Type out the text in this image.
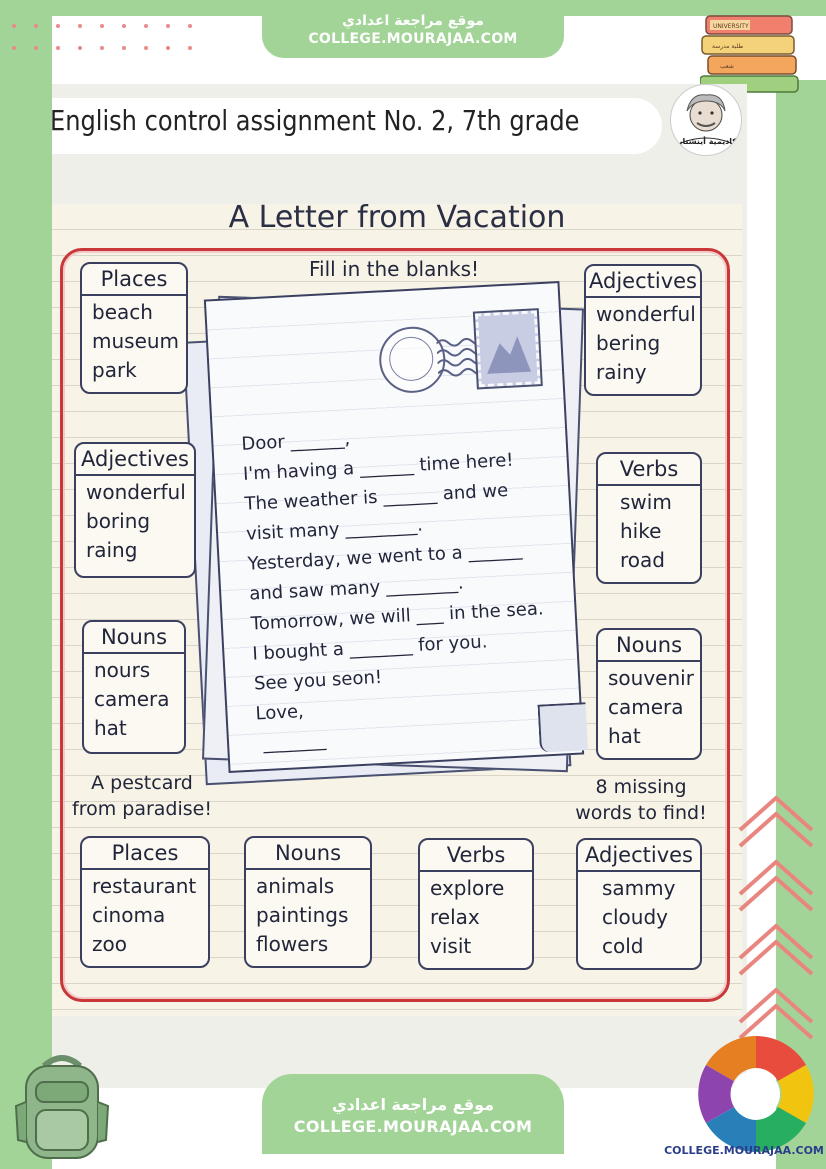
موقع مراجعة اعدادي
COLLEGE.MOURAJAA.COM
UNIVERSITY
طلبة مدرسة
شعب
English control assignment No. 2, 7th grade
أكاديمية أينشتاين
A Letter from Vacation
Fill in the blanks!
Door ______,
I'm having a ______ time here!
The weather is ______ and we
visit many ________.
Yesterday, we went to a ______
and saw many ________.
Tomorrow, we will ___ in the sea.
I bought a _______ for you.
See you seon!
Love,
_______
Places
beach
museum
park
Adjectives
wonderful
bering
rainy
Adjectives
wonderful
boring
raing
Verbs
swim
hike
road
Nouns
nours
camera
hat
Nouns
souvenir
camera
hat
A pestcard from paradise!
8 missing words to find!
Places
restaurant
cinoma
zoo
Nouns
animals
paintings
flowers
Verbs
explore
relax
visit
Adjectives
sammy
cloudy
cold
موقع مراجعة اعدادي
COLLEGE.MOURAJAA.COM
COLLEGE.MOURAJAA.COM
